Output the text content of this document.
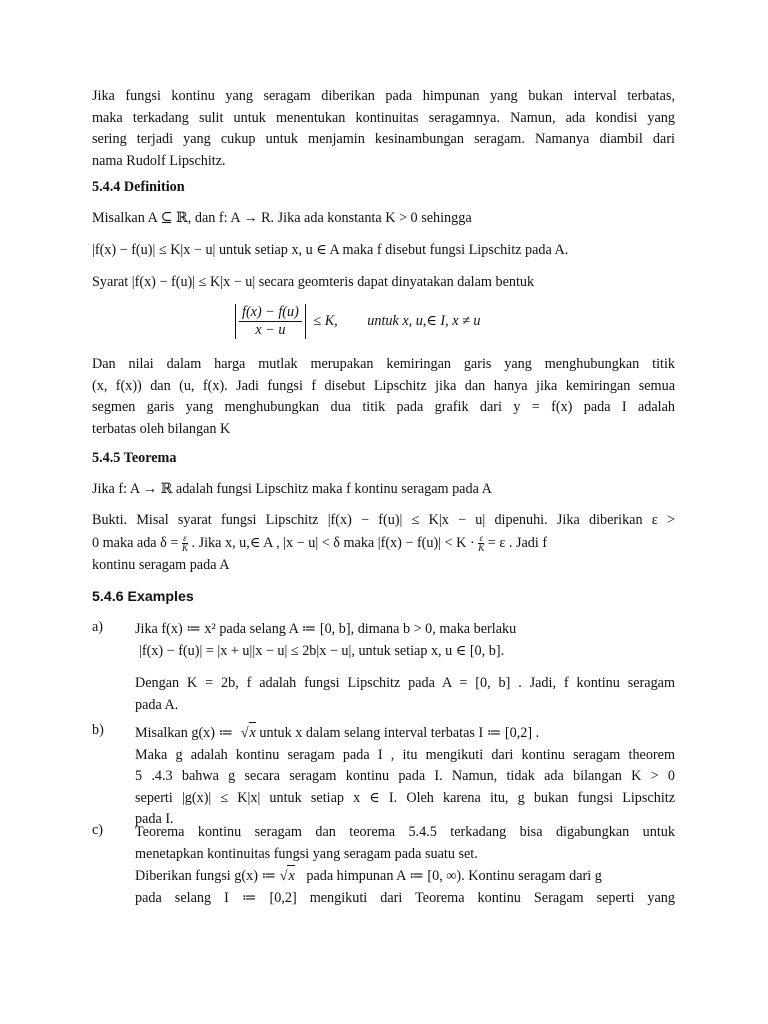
Jika fungsi kontinu yang seragam diberikan pada himpunan yang bukan interval terbatas,

maka terkadang sulit untuk menentukan kontinuitas seragamnya. Namun, ada kondisi yang

sering terjadi yang cukup untuk menjamin kesinambungan seragam. Namanya diambil dari

nama Rudolf Lipschitz.

5.4.4 Definition

Misalkan A ⊆ ℝ, dan f: A → R. Jika ada konstanta K > 0 sehingga

|f(x) − f(u)| ≤ K|x − u| untuk setiap x, u ∈ A maka f disebut fungsi Lipschitz pada A.

Syarat |f(x) − f(u)| ≤ K|x − u| secara geomteris dapat dinyatakan dalam bentuk

$\frac{f(x) - f(u)}{x - u} \le K$, untuk x, u,∈ I, x ≠ u

Dan nilai dalam harga mutlak merupakan kemiringan garis yang menghubungkan titik

(x, f(x)) dan (u, f(x). Jadi fungsi f disebut Lipschitz jika dan hanya jika kemiringan semua

segmen garis yang menghubungkan dua titik pada grafik dari y = f(x) pada I adalah

terbatas oleh bilangan K

5.4.5 Teorema

Jika f: A → ℝ adalah fungsi Lipschitz maka f kontinu seragam pada A

Bukti. Misal syarat fungsi Lipschitz |f(x) − f(u)| ≤ K|x − u| dipenuhi. Jika diberikan ε >

0 maka ada $\delta = \frac{\varepsilon}{K}$ . Jika x, u,∈ A , |x − u| < δ maka $|f(x) - f(u)| < K \cdot \frac{\varepsilon}{K} = \varepsilon$ . Jadi f

kontinu seragam pada A

5.4.6 Examples

a) Jika f(x) ≔ x² pada selang A ≔ [0, b], dimana b > 0, maka berlaku

|f(x) − f(u)| = |x + u||x − u| ≤ 2b|x − u|, untuk setiap x, u ∈ [0, b].

Dengan K = 2b, f adalah fungsi Lipschitz pada A = [0, b] . Jadi, f kontinu seragam

pada A.

b) Misalkan g(x) ≔ √x untuk x dalam selang interval terbatas I ≔ [0,2] .

Maka g adalah kontinu seragam pada I , itu mengikuti dari kontinu seragam theorem

5 .4.3 bahwa g secara seragam kontinu pada I. Namun, tidak ada bilangan K > 0

seperti |g(x)| ≤ K|x| untuk setiap x ∈ I. Oleh karena itu, g bukan fungsi Lipschitz

pada I.

c) Teorema kontinu seragam dan teorema 5.4.5 terkadang bisa digabungkan untuk

menetapkan kontinuitas fungsi yang seragam pada suatu set.

Diberikan fungsi g(x) ≔ √x pada himpunan A ≔ [0, ∞). Kontinu seragam dari g

pada selang I ≔ [0,2] mengikuti dari Teorema kontinu Seragam seperti yang
